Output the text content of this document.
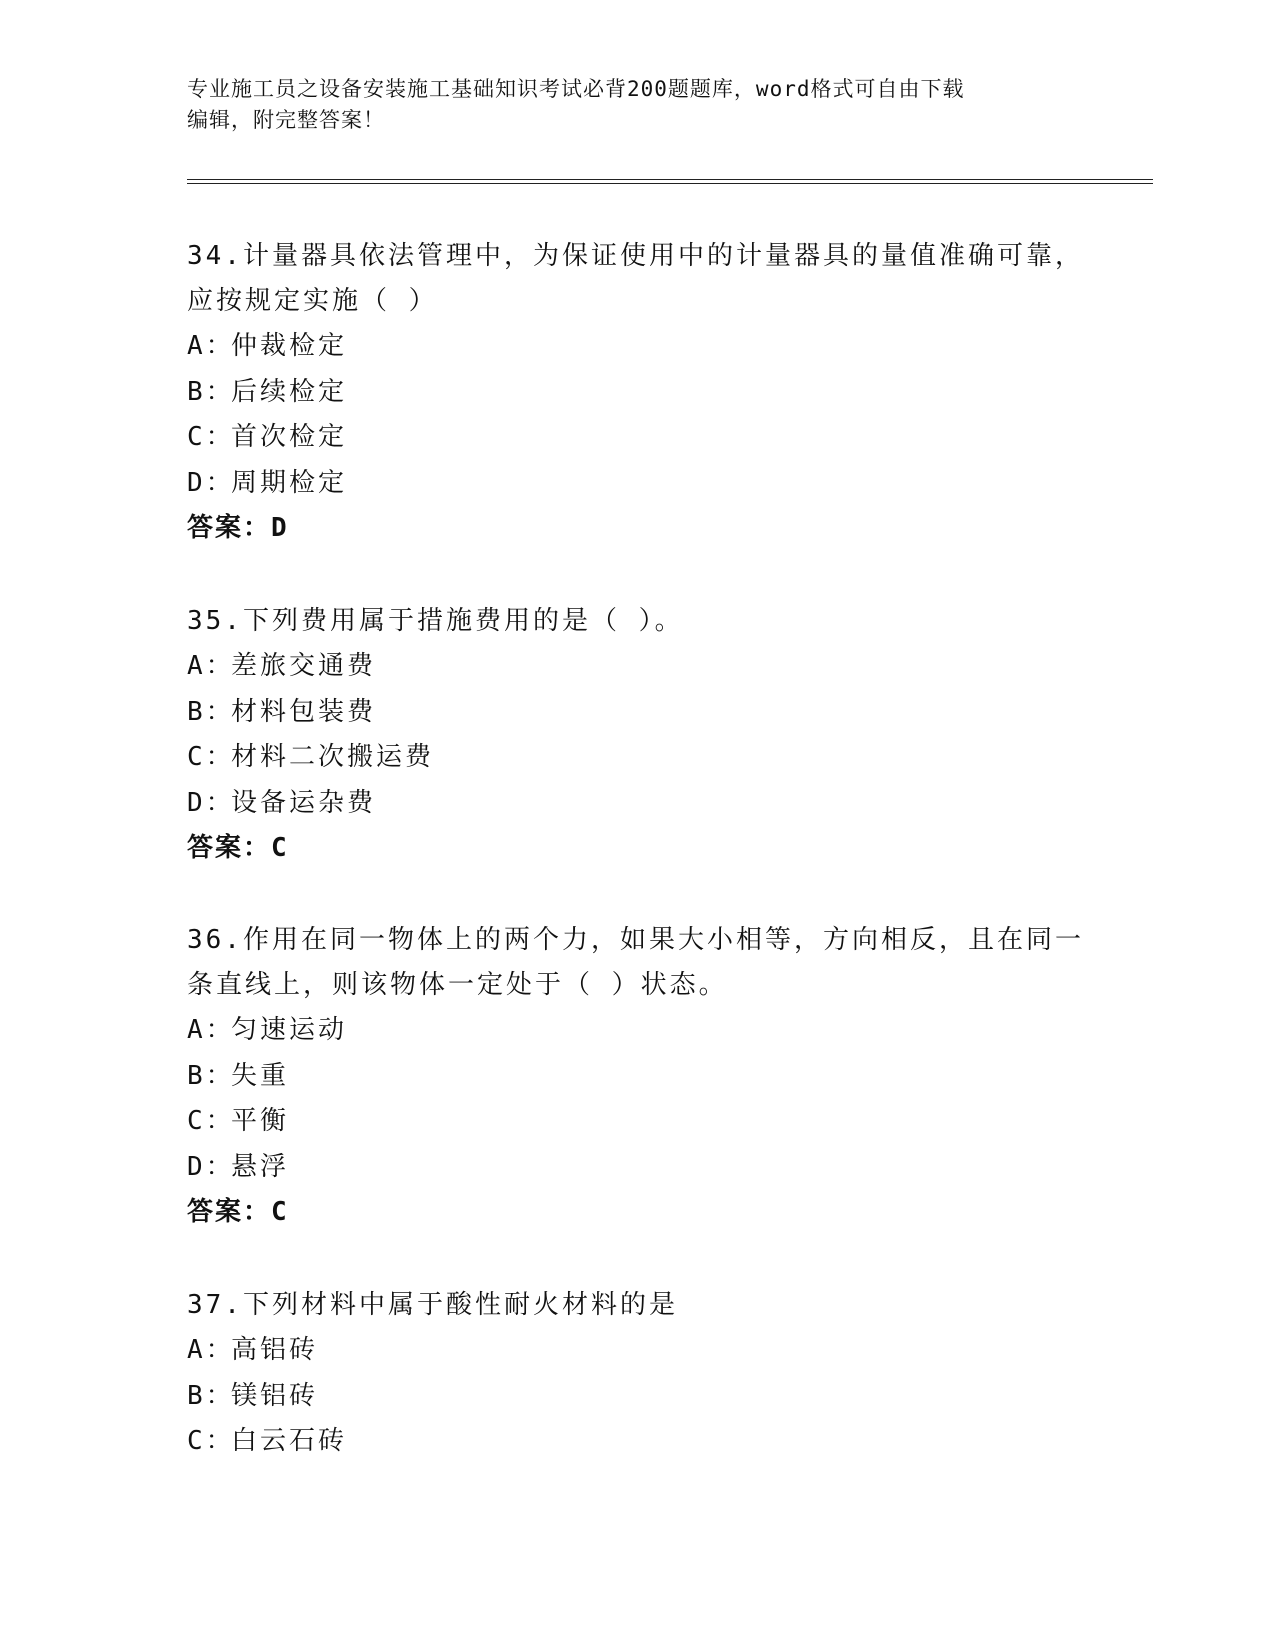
专业施工员之设备安装施工基础知识考试必背200题题库，word格式可自由下载
编辑，附完整答案！

34.计量器具依法管理中，为保证使用中的计量器具的量值准确可靠，

应按规定实施（ ）

A：仲裁检定

B：后续检定

C：首次检定

D：周期检定

答案：D

35.下列费用属于措施费用的是（ ）。

A：差旅交通费

B：材料包装费

C：材料二次搬运费

D：设备运杂费

答案：C

36.作用在同一物体上的两个力，如果大小相等，方向相反，且在同一

条直线上，则该物体一定处于（ ）状态。

A：匀速运动

B：失重

C：平衡

D：悬浮

答案：C

37.下列材料中属于酸性耐火材料的是

A：高铝砖

B：镁铝砖

C：白云石砖
